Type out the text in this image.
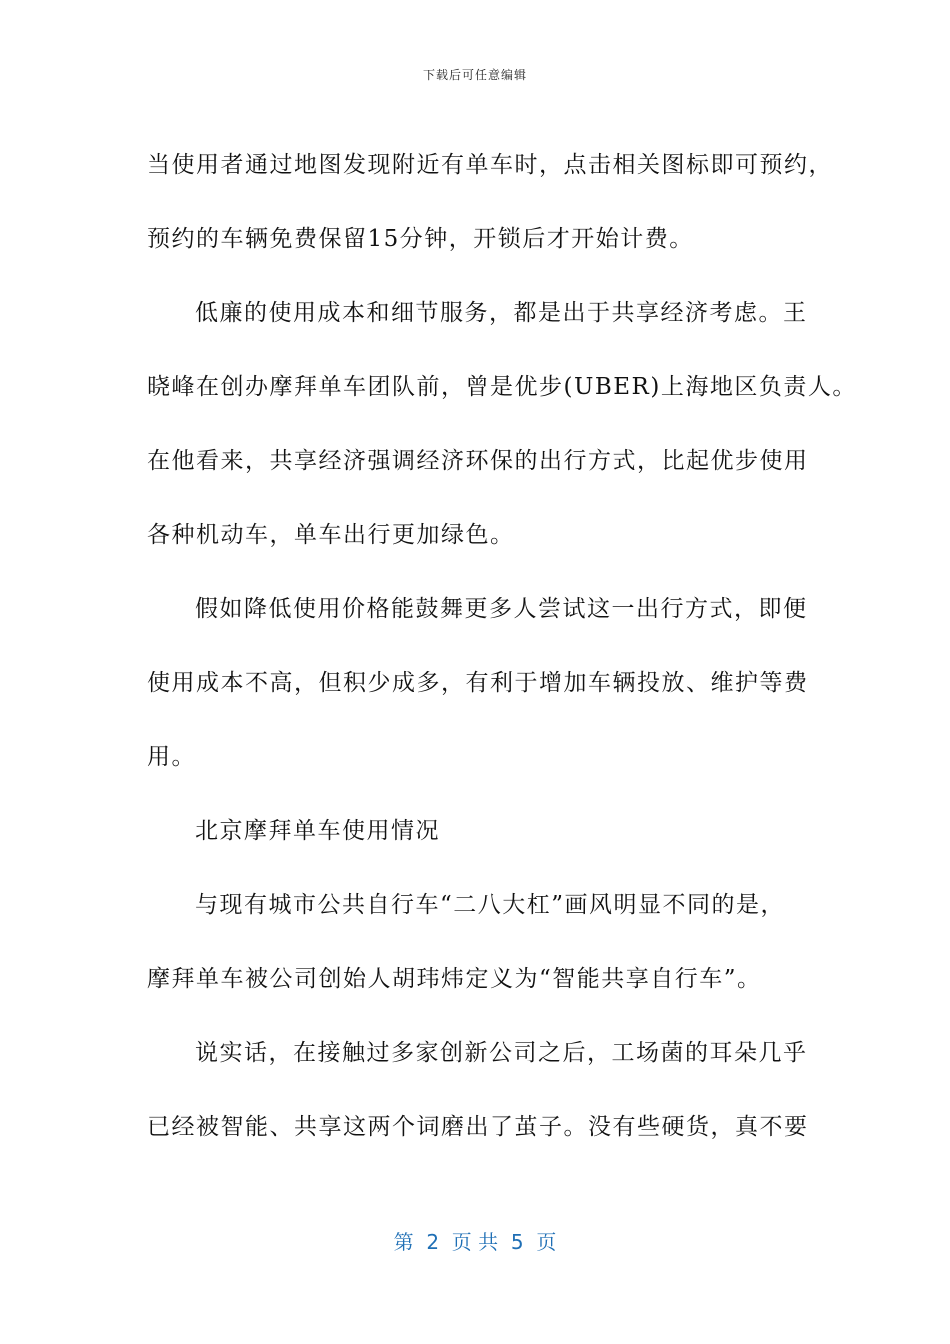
下载后可任意编辑
当使用者通过地图发现附近有单车时，点击相关图标即可预约，
预约的车辆免费保留15分钟，开锁后才开始计费。
低廉的使用成本和细节服务，都是出于共享经济考虑。王
晓峰在创办摩拜单车团队前，曾是优步(UBER)上海地区负责人。
在他看来，共享经济强调经济环保的出行方式，比起优步使用
各种机动车，单车出行更加绿色。
假如降低使用价格能鼓舞更多人尝试这一出行方式，即便
使用成本不高，但积少成多，有利于增加车辆投放、维护等费
用。
北京摩拜单车使用情况
与现有城市公共自行车“二八大杠”画风明显不同的是，
摩拜单车被公司创始人胡玮炜定义为“智能共享自行车”。
说实话，在接触过多家创新公司之后，工场菌的耳朵几乎
已经被智能、共享这两个词磨出了茧子。没有些硬货，真不要
第  2  页 共  5  页
